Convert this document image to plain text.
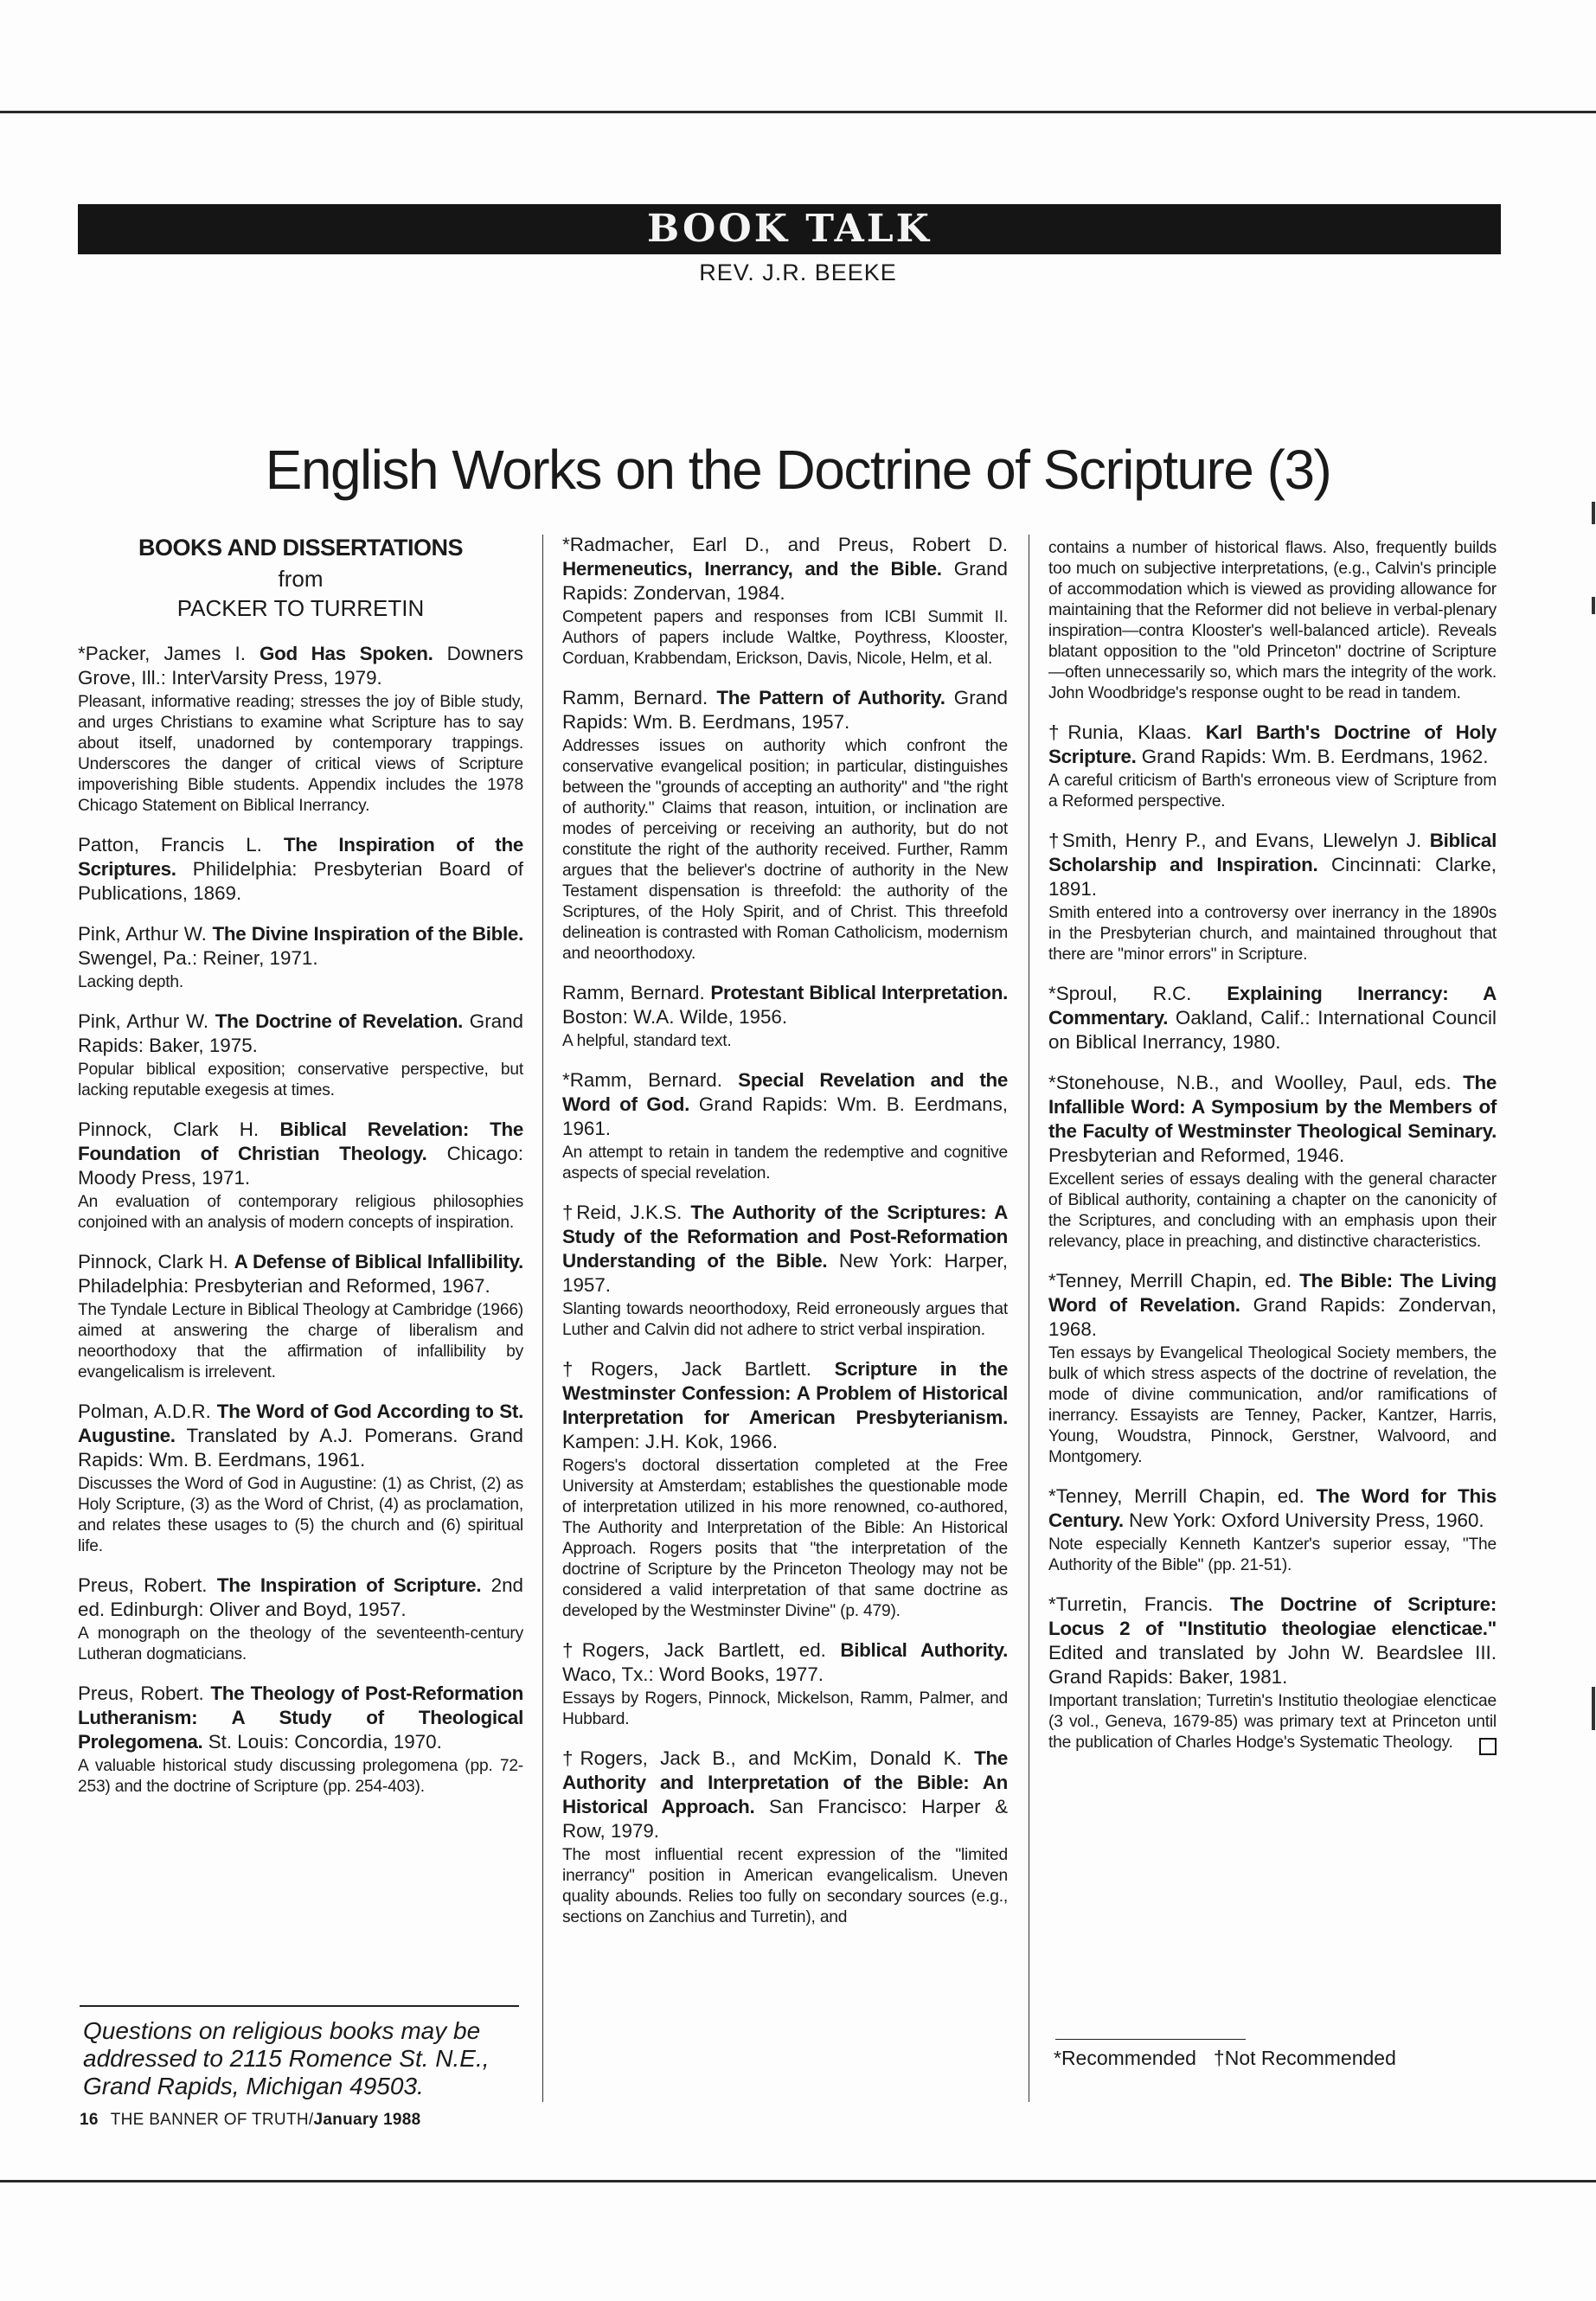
BOOK TALK
REV. J.R. BEEKE
English Works on the Doctrine of Scripture (3)

BOOKS AND DISSERTATIONS

from

PACKER TO TURRETIN

*Packer, James I. God Has Spoken. Downers Grove, Ill.: InterVarsity Press, 1979.

Pleasant, informative reading; stresses the joy of Bible study, and urges Christians to examine what Scripture has to say about itself, unadorned by contemporary trappings. Underscores the danger of critical views of Scripture impoverishing Bible students. Appendix includes the 1978 Chicago Statement on Biblical Inerrancy.

Patton, Francis L. The Inspiration of the Scriptures. Philidelphia: Presbyterian Board of Publications, 1869.

Pink, Arthur W. The Divine Inspiration of the Bible. Swengel, Pa.: Reiner, 1971.

Lacking depth.

Pink, Arthur W. The Doctrine of Revelation. Grand Rapids: Baker, 1975.

Popular biblical exposition; conservative perspective, but lacking reputable exegesis at times.

Pinnock, Clark H. Biblical Revelation: The Foundation of Christian Theology. Chicago: Moody Press, 1971.

An evaluation of contemporary religious philosophies conjoined with an analysis of modern concepts of inspiration.

Pinnock, Clark H. A Defense of Biblical Infallibility. Philadelphia: Presbyterian and Reformed, 1967.

The Tyndale Lecture in Biblical Theology at Cambridge (1966) aimed at answering the charge of liberalism and neoorthodoxy that the affirmation of infallibility by evangelicalism is irrelevent.

Polman, A.D.R. The Word of God According to St. Augustine. Translated by A.J. Pomerans. Grand Rapids: Wm. B. Eerdmans, 1961.

Discusses the Word of God in Augustine: (1) as Christ, (2) as Holy Scripture, (3) as the Word of Christ, (4) as proclamation, and relates these usages to (5) the church and (6) spiritual life.

Preus, Robert. The Inspiration of Scripture. 2nd ed. Edinburgh: Oliver and Boyd, 1957.

A monograph on the theology of the seventeenth-century Lutheran dogmaticians.

Preus, Robert. The Theology of Post-Reformation Lutheranism: A Study of Theological Prolegomena. St. Louis: Concordia, 1970.

A valuable historical study discussing prolegomena (pp. 72-253) and the doctrine of Scripture (pp. 254-403).

*Radmacher, Earl D., and Preus, Robert D. Hermeneutics, Inerrancy, and the Bible. Grand Rapids: Zondervan, 1984.

Competent papers and responses from ICBI Summit II. Authors of papers include Waltke, Poythress, Klooster, Corduan, Krabbendam, Erickson, Davis, Nicole, Helm, et al.

Ramm, Bernard. The Pattern of Authority. Grand Rapids: Wm. B. Eerdmans, 1957.

Addresses issues on authority which confront the conservative evangelical position; in particular, distinguishes between the "grounds of accepting an authority" and "the right of authority." Claims that reason, intuition, or inclination are modes of perceiving or receiving an authority, but do not constitute the right of the authority received. Further, Ramm argues that the believer's doctrine of authority in the New Testament dispensation is threefold: the authority of the Scriptures, of the Holy Spirit, and of Christ. This threefold delineation is contrasted with Roman Catholicism, modernism and neoorthodoxy.

Ramm, Bernard. Protestant Biblical Interpretation. Boston: W.A. Wilde, 1956.

A helpful, standard text.

*Ramm, Bernard. Special Revelation and the Word of God. Grand Rapids: Wm. B. Eerdmans, 1961.

An attempt to retain in tandem the redemptive and cognitive aspects of special revelation.

†Reid, J.K.S. The Authority of the Scriptures: A Study of the Reformation and Post-Reformation Understanding of the Bible. New York: Harper, 1957.

Slanting towards neoorthodoxy, Reid erroneously argues that Luther and Calvin did not adhere to strict verbal inspiration.

†Rogers, Jack Bartlett. Scripture in the Westminster Confession: A Problem of Historical Interpretation for American Presbyterianism. Kampen: J.H. Kok, 1966.

Rogers's doctoral dissertation completed at the Free University at Amsterdam; establishes the questionable mode of interpretation utilized in his more renowned, co-authored, The Authority and Interpretation of the Bible: An Historical Approach. Rogers posits that "the interpretation of the doctrine of Scripture by the Princeton Theology may not be considered a valid interpretation of that same doctrine as developed by the Westminster Divine" (p. 479).

†Rogers, Jack Bartlett, ed. Biblical Authority. Waco, Tx.: Word Books, 1977.

Essays by Rogers, Pinnock, Mickelson, Ramm, Palmer, and Hubbard.

†Rogers, Jack B., and McKim, Donald K. The Authority and Interpretation of the Bible: An Historical Approach. San Francisco: Harper & Row, 1979.

The most influential recent expression of the "limited inerrancy" position in American evangelicalism. Uneven quality abounds. Relies too fully on secondary sources (e.g., sections on Zanchius and Turretin), and

contains a number of historical flaws. Also, frequently builds too much on subjective interpretations, (e.g., Calvin's principle of accommodation which is viewed as providing allowance for maintaining that the Reformer did not believe in verbal-plenary inspiration—contra Klooster's well-balanced article). Reveals blatant opposition to the "old Princeton" doctrine of Scripture—often unnecessarily so, which mars the integrity of the work. John Woodbridge's response ought to be read in tandem.

†Runia, Klaas. Karl Barth's Doctrine of Holy Scripture. Grand Rapids: Wm. B. Eerdmans, 1962.

A careful criticism of Barth's erroneous view of Scripture from a Reformed perspective.

†Smith, Henry P., and Evans, Llewelyn J. Biblical Scholarship and Inspiration. Cincinnati: Clarke, 1891.

Smith entered into a controversy over inerrancy in the 1890s in the Presbyterian church, and maintained throughout that there are "minor errors" in Scripture.

*Sproul, R.C. Explaining Inerrancy: A Commentary. Oakland, Calif.: International Council on Biblical Inerrancy, 1980.

*Stonehouse, N.B., and Woolley, Paul, eds. The Infallible Word: A Symposium by the Members of the Faculty of Westminster Theological Seminary. Presbyterian and Reformed, 1946.

Excellent series of essays dealing with the general character of Biblical authority, containing a chapter on the canonicity of the Scriptures, and concluding with an emphasis upon their relevancy, place in preaching, and distinctive characteristics.

*Tenney, Merrill Chapin, ed. The Bible: The Living Word of Revelation. Grand Rapids: Zondervan, 1968.

Ten essays by Evangelical Theological Society members, the bulk of which stress aspects of the doctrine of revelation, the mode of divine communication, and/or ramifications of inerrancy. Essayists are Tenney, Packer, Kantzer, Harris, Young, Woudstra, Pinnock, Gerstner, Walvoord, and Montgomery.

*Tenney, Merrill Chapin, ed. The Word for This Century. New York: Oxford University Press, 1960.

Note especially Kenneth Kantzer's superior essay, "The Authority of the Bible" (pp. 21-51).

*Turretin, Francis. The Doctrine of Scripture: Locus 2 of "Institutio theologiae elencticae." Edited and translated by John W. Beardslee III. Grand Rapids: Baker, 1981.

Important translation; Turretin's Institutio theologiae elencticae (3 vol., Geneva, 1679-85) was primary text at Princeton until the publication of Charles Hodge's Systematic Theology.

Questions on religious books may be addressed to 2115 Romence St. N.E., Grand Rapids, Michigan 49503.
16 THE BANNER OF TRUTH/January 1988
*Recommended †Not Recommended
